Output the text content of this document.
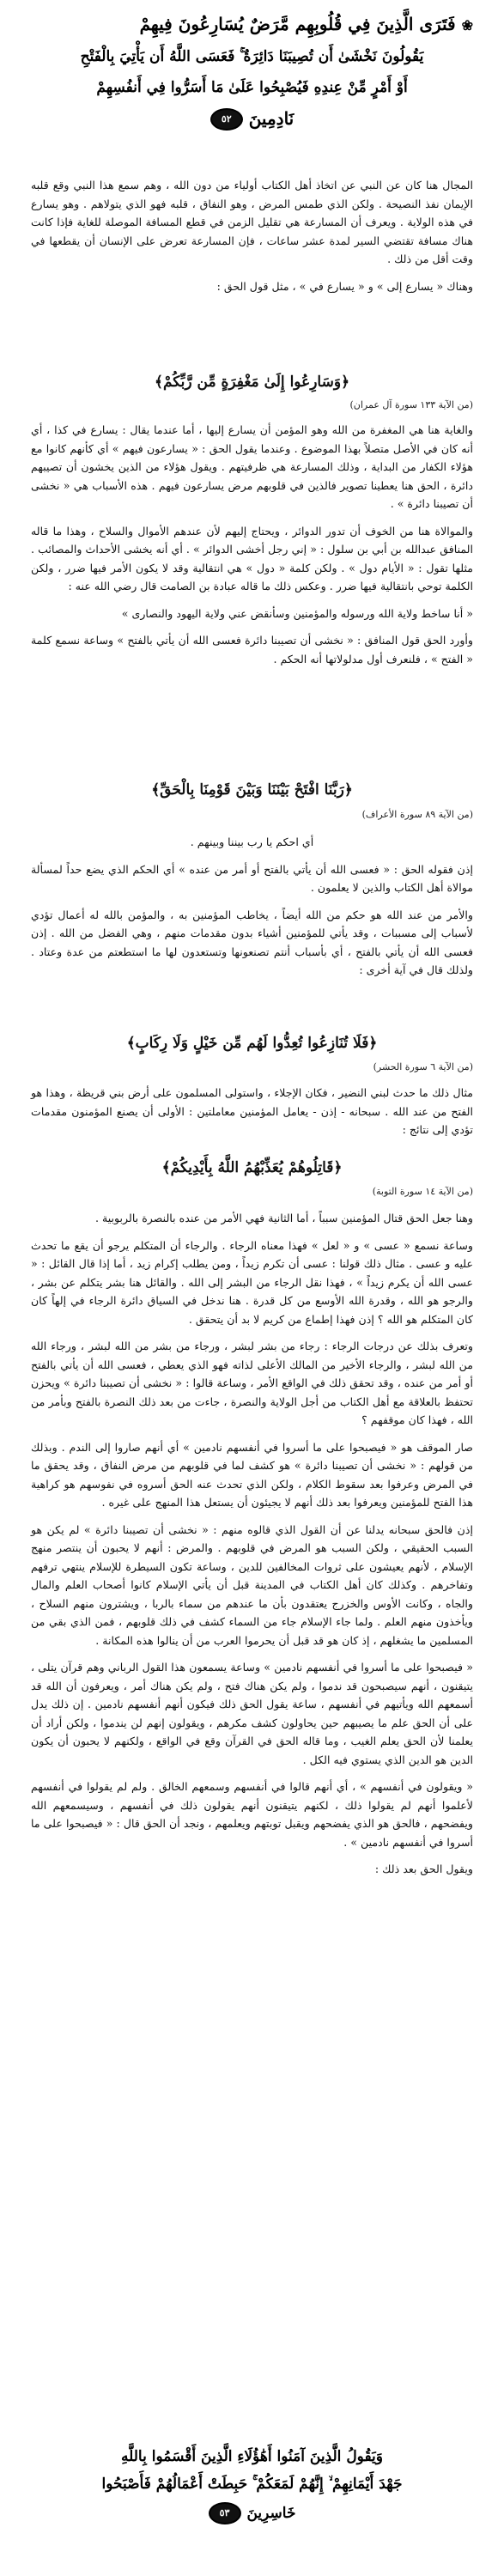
❀ فَتَرَى الَّذِينَ فِي قُلُوبِهِم مَّرَضٌ يُسَارِعُونَ فِيهِمْ
يَقُولُونَ نَخْشَىٰ أَن تُصِيبَنَا دَائِرَةٌ ۚ فَعَسَى اللَّهُ أَن يَأْتِيَ بِالْفَتْحِ
أَوْ أَمْرٍ مِّنْ عِندِهِ فَيُصْبِحُوا عَلَىٰ مَا أَسَرُّوا فِي أَنفُسِهِمْ
نَادِمِينَ ٥٢

المجال هنا كان عن النبي عن اتخاذ أهل الكتاب أولياء من دون الله ، وهم سمع هذا النبي وقع قلبه الإيمان نفذ النصيحة . ولكن الذي طمس المرض ، وهو النفاق ، قلبه فهو الذي يتولاهم . وهو يسارع في هذه الولاية . ويعرف أن المسارعة هي تقليل الزمن في قطع المسافة الموصلة للغاية فإذا كانت هناك مسافة تقتضي السير لمدة عشر ساعات ، فإن المسارعة تعرض على الإنسان أن يقطعها في وقت أقل من ذلك .

وهناك « يسارع إلى » و « يسارع في » ، مثل قول الحق :

﴿وَسَارِعُوا إِلَىٰ مَغْفِرَةٍ مِّن رَّبِّكُمْ﴾
(من الآية ١٣٣ سورة آل عمران)

والغاية هنا هي المغفرة من الله وهو المؤمن أن يسارع إليها ، أما عندما يقال : يسارع في كذا ، أي أنه كان في الأصل متصلاً بهذا الموضوع . وعندما يقول الحق : « يسارعون فيهم » أي كأنهم كانوا مع هؤلاء الكفار من البداية ، وذلك المسارعة هي ظرفيتهم . ويقول هؤلاء من الذين يخشون أن تصيبهم دائرة ، الحق هنا يعطينا تصوير فالذين في قلوبهم مرض يسارعون فيهم . هذه الأسباب هي « نخشى أن تصيبنا دائرة » .

والموالاة هنا من الخوف أن تدور الدوائر ، ويحتاج إليهم لأن عندهم الأموال والسلاح ، وهذا ما قاله المنافق عبدالله بن أبي بن سلول : « إني رجل أخشى الدوائر » . أي أنه يخشى الأحداث والمصائب . مثلها تقول : « الأيام دول » . ولكن كلمة « دول » هي انتقالية وقد لا يكون الأمر فيها ضرر ، ولكن الكلمة توحي بانتقالية فيها ضرر . وعكس ذلك ما قاله عبادة بن الصامت قال رضي الله عنه :

« أنا ساخط ولاية الله ورسوله والمؤمنين وسأنقض عني ولاية اليهود والنصارى »

وأورد الحق قول المنافق : « نخشى أن تصيبنا دائرة فعسى الله أن يأتي بالفتح » وساعة نسمع كلمة « الفتح » ، فلنعرف أول مدلولاتها أنه الحكم .

﴿رَبَّنَا افْتَحْ بَيْنَنَا وَبَيْنَ قَوْمِنَا بِالْحَقِّ﴾
(من الآية ٨٩ سورة الأعراف)

أي احكم يا رب بيننا وبينهم .

إذن فقوله الحق : « فعسى الله أن يأتي بالفتح أو أمر من عنده » أي الحكم الذي يضع حداً لمسألة موالاة أهل الكتاب والذين لا يعلمون .

والأمر من عند الله هو حكم من الله أيضاً ، يخاطب المؤمنين به ، والمؤمن بالله له أعمال تؤدي لأسباب إلى مسببات ، وقد يأتي للمؤمنين أشياء بدون مقدمات منهم ، وهي الفضل من الله . إذن فعسى الله أن يأتي بالفتح ، أي بأسباب أنتم تصنعونها وتستعدون لها ما استطعتم من عدة وعتاد . ولذلك قال في آية أخرى :

﴿فَلَا تُنَازِعُوا تُعِدُّوا لَهُم مِّن خَيْلٍ وَلَا رِكَابٍ﴾
(من الآية ٦ سورة الحشر)

مثال ذلك ما حدث لبني النضير ، فكان الإجلاء ، واستولى المسلمون على أرض بني قريظة ، وهذا هو الفتح من عند الله . سبحانه - إذن - يعامل المؤمنين معاملتين : الأولى أن يصنع المؤمنون مقدمات تؤدي إلى نتائج :

﴿قَاتِلُوهُمْ يُعَذِّبْهُمُ اللَّهُ بِأَيْدِيكُمْ﴾
(من الآية ١٤ سورة التوبة)

وهنا جعل الحق قتال المؤمنين سبباً ، أما الثانية فهي الأمر من عنده بالنصرة بالربوبية .

وساعة نسمع « عسى » و « لعل » فهذا معناه الرجاء . والرجاء أن المتكلم يرجو أن يقع ما تحدث عليه و عسى . مثال ذلك قولنا : عسى أن تكرم زيداً ، ومن يطلب إكرام زيد ، أما إذا قال القائل : « عسى الله أن يكرم زيداً » ، فهذا نقل الرجاء من البشر إلى الله . والقائل هنا بشر يتكلم عن بشر ، والرجو هو الله ، وقدرة الله الأوسع من كل قدرة . هنا ندخل في السياق دائرة الرجاء في إلهاً كان كان المتكلم هو الله ؟ إذن فهذا إطماع من كريم لا بد أن يتحقق .

وتعرف بذلك عن درجات الرجاء : رجاء من بشر لبشر ، ورجاء من بشر من الله لبشر ، ورجاء الله من الله لبشر ، والرجاء الأخير من المالك الأعلى لذاته فهو الذي يعطي ، فعسى الله أن يأتي بالفتح أو أمر من عنده ، وقد تحقق ذلك في الواقع الأمر ، وساعة قالوا : « نخشى أن تصيبنا دائرة » ويحزن تحتفظ بالعلاقة مع أهل الكتاب من أجل الولاية والنصرة ، جاءت من بعد ذلك النصرة بالفتح وبأمر من الله ، فهذا كان موقفهم ؟

صار الموقف هو « فيصبحوا على ما أسروا في أنفسهم نادمين » أي أنهم صاروا إلى الندم . وبذلك من قولهم : « نخشى أن تصيبنا دائرة » هو كشف لما في قلوبهم من مرض النفاق ، وقد يحقق ما في المرض وعرفوا بعد سقوط الكلام ، ولكن الذي تحدث عنه الحق أسروه في نفوسهم هو كراهية هذا الفتح للمؤمنين ويعرفوا بعد ذلك أنهم لا يجيئون أن يستعل هذا المنهج على غيره .

إذن فالحق سبحانه يدلنا عن أن القول الذي قالوه منهم : « نخشى أن تصيبنا دائرة » لم يكن هو السبب الحقيقي ، ولكن السبب هو المرض في قلوبهم . والمرض : أنهم لا يحبون أن ينتصر منهج الإسلام ، لأنهم يعيشون على ثروات المخالفين للدين ، وساعة تكون السيطرة للإسلام ينتهي ترفهم وتفاخرهم . وكذلك كان أهل الكتاب في المدينة قبل أن يأتي الإسلام كانوا أصحاب العلم والمال والجاه ، وكانت الأوس والخزرج يعتقدون بأن ما عندهم من سماء بالربا ، ويشترون منهم السلاح ، ويأخذون منهم العلم . ولما جاء الإسلام جاء من السماء كشف في ذلك قلوبهم ، فمن الذي بقي من المسلمين ما يشغلهم ، إذ كان هو قد قبل أن يحرموا العرب من أن ينالوا هذه المكانة .

« فيصبحوا على ما أسروا في أنفسهم نادمين » وساعة يسمعون هذا القول الرباني وهم قرآن يتلى ، يتيقنون ، أنهم سيصبحون قد ندموا ، ولم يكن هناك فتح ، ولم يكن هناك أمر ، ويعرفون أن الله قد أسمعهم الله ويأتيهم في أنفسهم ، ساعة يقول الحق ذلك فيكون أنهم أنفسهم نادمين . إن ذلك يدل على أن الحق علم ما يصيبهم حين يحاولون كشف مكرهم ، ويقولون إنهم لن يندموا ، ولكن أراد أن يعلمنا لأن الحق يعلم الغيب ، وما قاله الحق في القرآن وقع في الواقع ، ولكنهم لا يحبون أن يكون الدين هو الدين الذي يستوي فيه الكل .

« ويقولون في أنفسهم » ، أي أنهم قالوا في أنفسهم وسمعهم الخالق . ولم لم يقولوا في أنفسهم لأعلموا أنهم لم يقولوا ذلك ، لكنهم يتيقنون أنهم يقولون ذلك في أنفسهم ، وسيسمعهم الله ويفضحهم ، فالحق هو الذي يفضحهم ويقبل توبتهم ويعلمهم ، ونجد أن الحق قال : « فيصبحوا على ما أسروا في أنفسهم نادمين » .

ويقول الحق بعد ذلك :

وَيَقُولُ الَّذِينَ آمَنُوا أَهَٰؤُلَاءِ الَّذِينَ أَقْسَمُوا بِاللَّهِ
جَهْدَ أَيْمَانِهِمْ ۙ إِنَّهُمْ لَمَعَكُمْ ۚ حَبِطَتْ أَعْمَالُهُمْ فَأَصْبَحُوا
خَاسِرِينَ ٥٣
